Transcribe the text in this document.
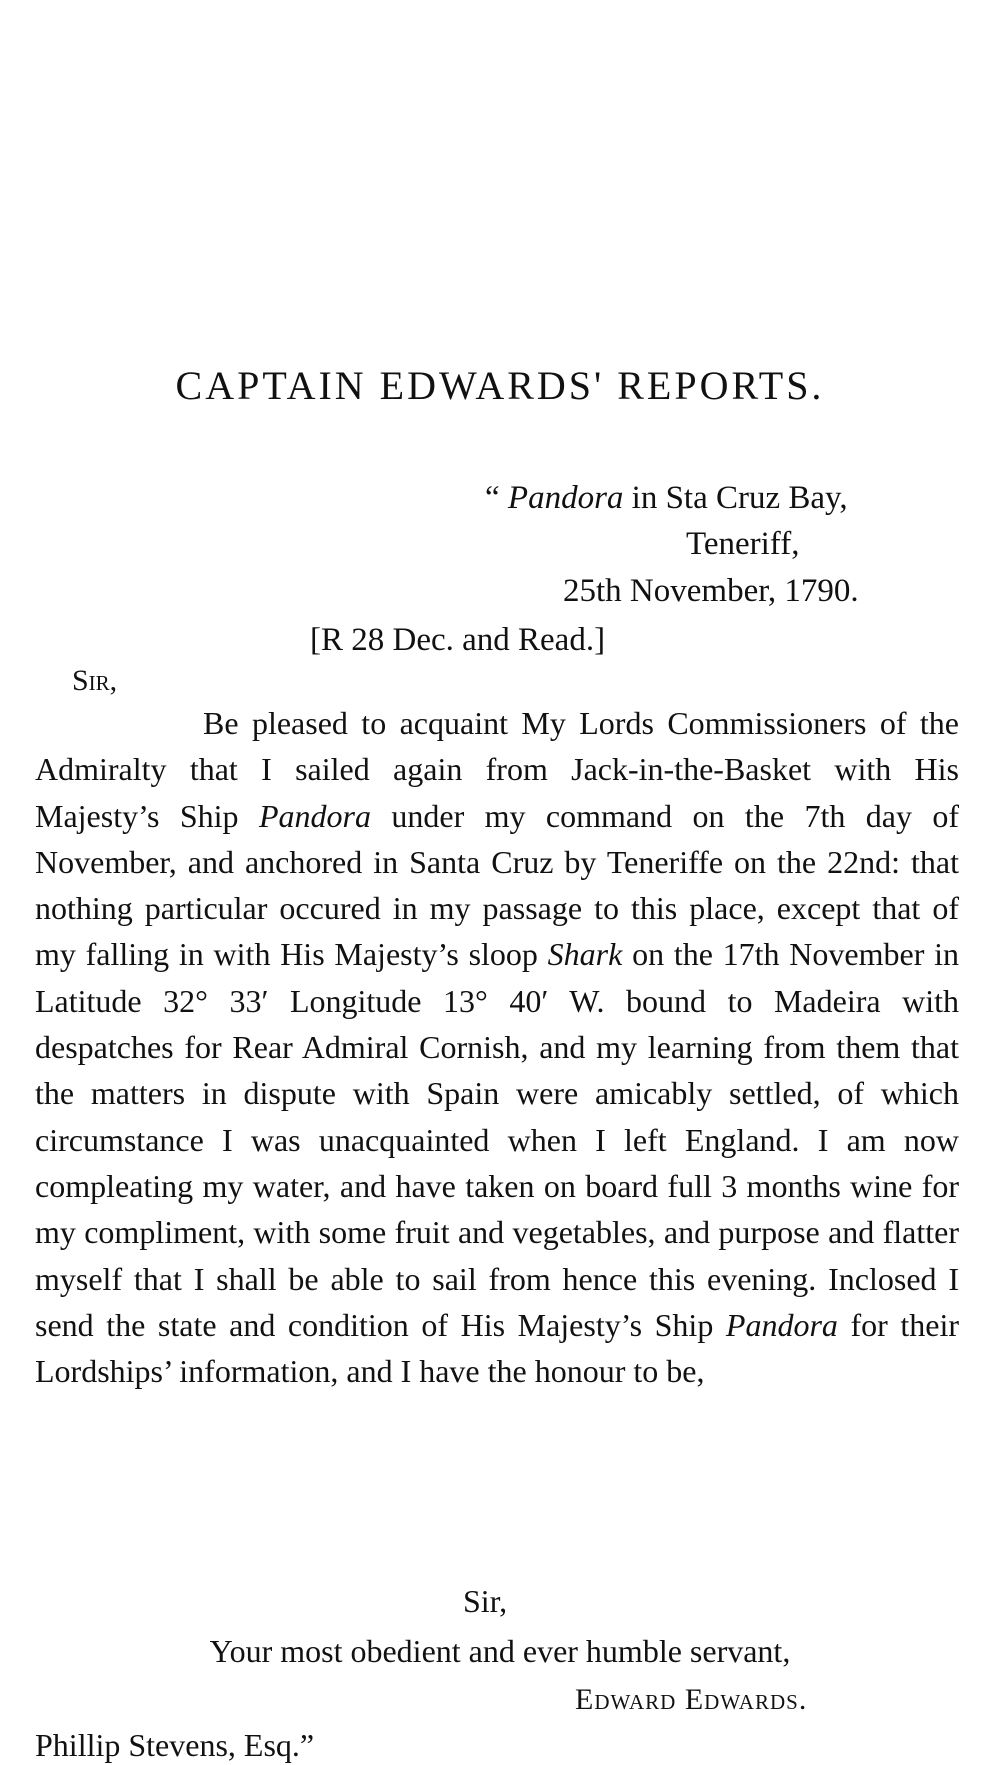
CAPTAIN EDWARDS' REPORTS.
“ Pandora in Sta Cruz Bay,
Teneriff,
25th November, 1790.
[R 28 Dec. and Read.]
Sir,

Be pleased to acquaint My Lords Commissioners of the Admiralty that I sailed again from Jack-in-the-Basket with His Majesty’s Ship Pandora under my command on the 7th day of November, and anchored in Santa Cruz by Teneriffe on the 22nd: that nothing particular occured in my passage to this place, except that of my falling in with His Majesty’s sloop Shark on the 17th November in Latitude 32° 33′ Longitude 13° 40′ W. bound to Madeira with despatches for Rear Admiral Cornish, and my learning from them that the matters in dispute with Spain were amicably settled, of which circumstance I was unacquainted when I left England. I am now compleating my water, and have taken on board full 3 months wine for my compliment, with some fruit and vegetables, and purpose and flatter myself that I shall be able to sail from hence this evening. Inclosed I send the state and condition of His Majesty’s Ship Pandora for their Lordships’ information, and I have the honour to be,

Sir,
Your most obedient and ever humble servant,
Edward Edwards.
Phillip Stevens, Esq.”
